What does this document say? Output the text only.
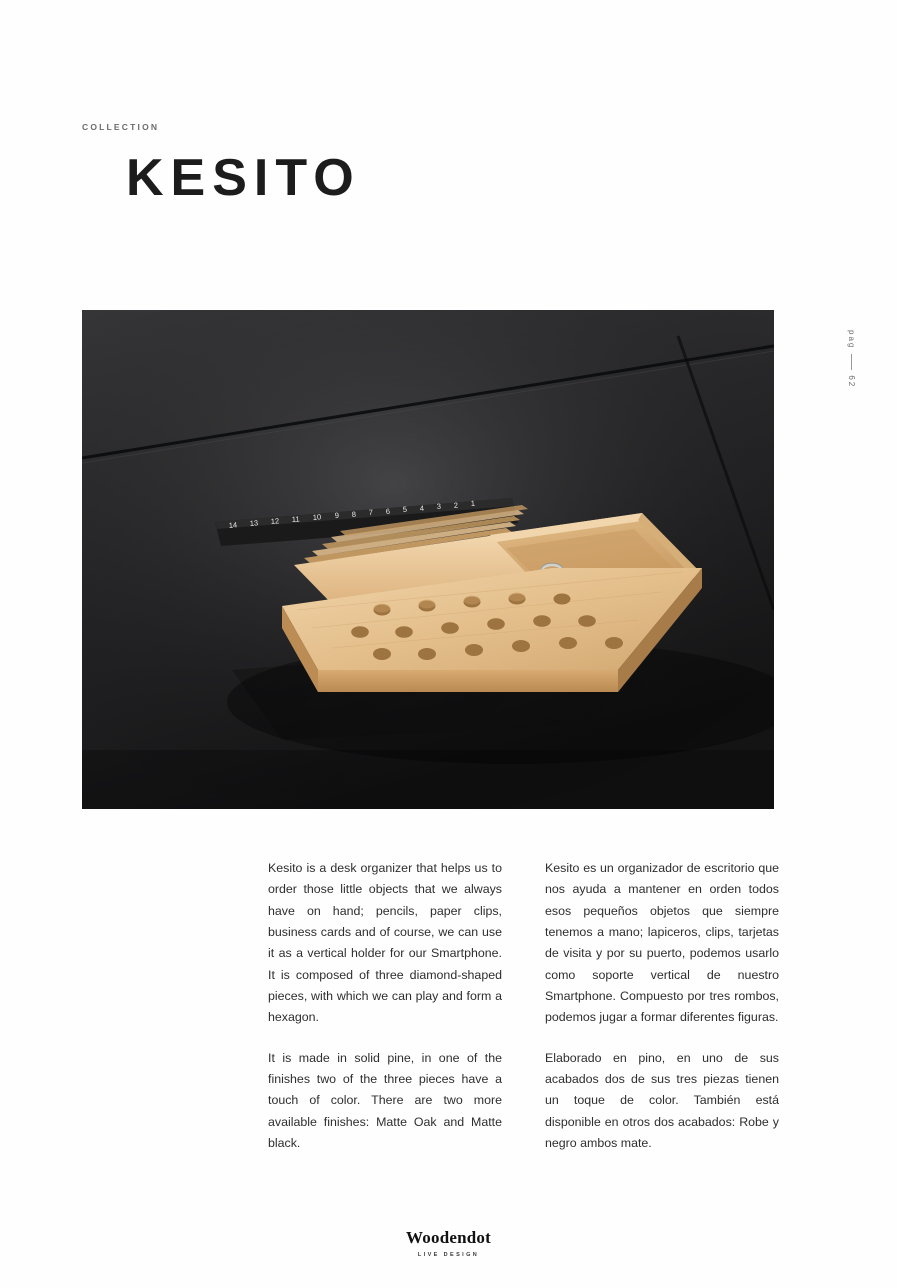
COLLECTION
KESITO
pag62
14 13 12 11 10 9 8 7 6 5 4 3 2 1

Kesito is a desk organizer that helps us to order those little objects that we always have on hand; pencils, paper clips, business cards and of course, we can use it as a vertical holder for our Smartphone. It is composed of three diamond-shaped pieces, with which we can play and form a hexagon.

It is made in solid pine, in one of the finishes two of the three pieces have a touch of color. There are two more available finishes: Matte Oak and Matte black.

Kesito es un organizador de escritorio que nos ayuda a mantener en orden todos esos pequeños objetos que siempre tenemos a mano; lapiceros, clips, tarjetas de visita y por su puerto, podemos usarlo como soporte vertical de nuestro Smartphone. Compuesto por tres rombos, podemos jugar a formar diferentes figuras.

Elaborado en pino, en uno de sus acabados dos de sus tres piezas tienen un toque de color. También está disponible en otros dos acabados: Robe y negro ambos mate.

Woodendot
LIVE DESIGN
